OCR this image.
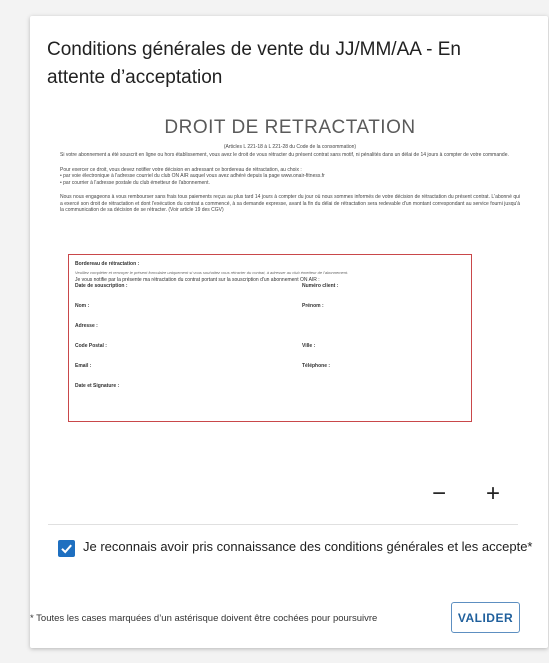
Conditions générales de vente du JJ/MM/AA - En attente d’acceptation
DROIT DE RETRACTATION
(Articles L 221-18 à L 221-28 du Code de la consommation)
Si votre abonnement a été souscrit en ligne ou hors établissement, vous avez le droit de vous rétracter du présent contrat sans motif, ni pénalités dans un délai de 14 jours à compter de votre commande.
Pour exercer ce droit, vous devez notifier votre décision en adressant ce bordereau de rétractation, au choix :
• par voie électronique à l'adresse courriel du club ON AIR auquel vous avez adhéré depuis la page www.onair-fitness.fr
• par courrier à l'adresse postale du club émetteur de l'abonnement.
Nous nous engageons à vous rembourser sans frais tous paiements reçus au plus tard 14 jours à compter du jour où nous sommes informés de votre décision de rétractation du présent contrat. L'abonné qui a exercé son droit de rétractation et dont l'exécution du contrat a commencé, à sa demande expresse, avant la fin du délai de rétractation sera redevable d'un montant correspondant au service fourni jusqu'à la communication de sa décision de se rétracter. (Voir article 19 des CGV)
Bordereau de rétractation :
Veuillez compléter et renvoyer le présent formulaire uniquement si vous souhaitez vous rétracter du contrat, à adresser au club émetteur de l'abonnement.
Je vous notifie par la présente ma rétractation du contrat portant sur la souscription d'un abonnement ON AIR :
Date de souscription :	Numéro client :
Nom :	Prénom :
Adresse :
Code Postal :	Ville :
Email :	Téléphone :
Date et Signature :
− +
Je reconnais avoir pris connaissance des conditions générales et les accepte*
* Toutes les cases marquées d’un astérisque doivent être cochées pour poursuivre	VALIDER
